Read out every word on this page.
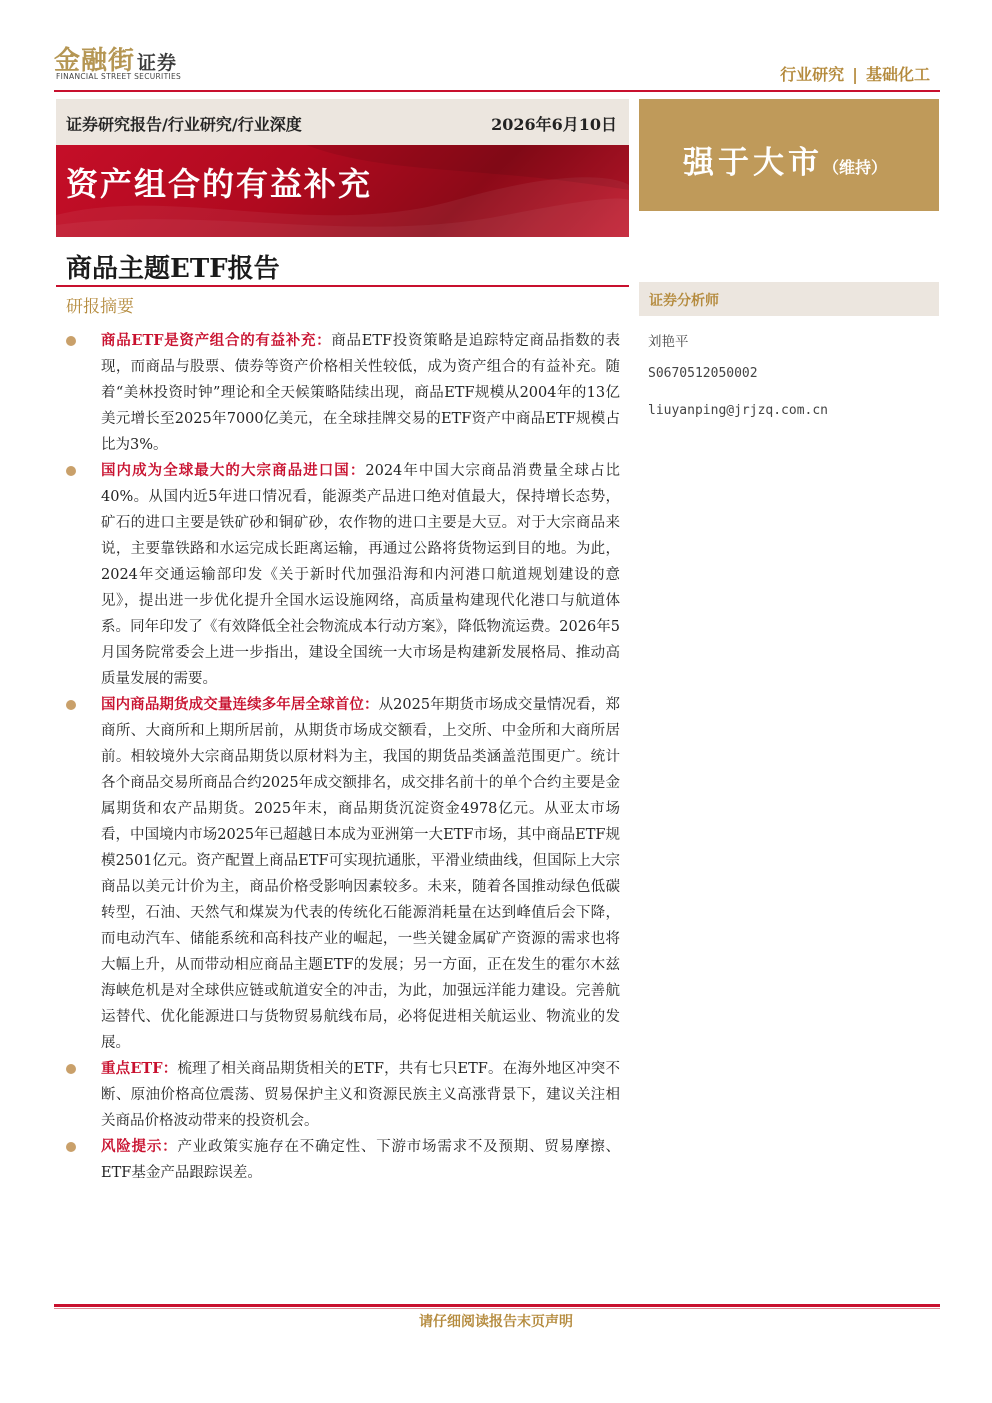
金融街 证券
FINANCIAL STREET SECURITIES	行业研究 | 基础化工
证券研究报告/行业研究/行业深度	2026年6月10日
资产组合的有益补充
强于大市（维持）
商品主题ETF报告
研报摘要
商品ETF是资产组合的有益补充：商品ETF投资策略是追踪特定商品指数的表现，而商品与股票、债券等资产价格相关性较低，成为资产组合的有益补充。随着“美林投资时钟”理论和全天候策略陆续出现，商品ETF规模从2004年的13亿美元增长至2025年7000亿美元，在全球挂牌交易的ETF资产中商品ETF规模占比为3%。
国内成为全球最大的大宗商品进口国：2024年中国大宗商品消费量全球占比40%。从国内近5年进口情况看，能源类产品进口绝对值最大，保持增长态势，矿石的进口主要是铁矿砂和铜矿砂，农作物的进口主要是大豆。对于大宗商品来说，主要靠铁路和水运完成长距离运输，再通过公路将货物运到目的地。为此，2024年交通运输部印发《关于新时代加强沿海和内河港口航道规划建设的意见》，提出进一步优化提升全国水运设施网络，高质量构建现代化港口与航道体系。同年印发了《有效降低全社会物流成本行动方案》，降低物流运费。2026年5月国务院常委会上进一步指出，建设全国统一大市场是构建新发展格局、推动高质量发展的需要。
国内商品期货成交量连续多年居全球首位：从2025年期货市场成交量情况看，郑商所、大商所和上期所居前，从期货市场成交额看，上交所、中金所和大商所居前。相较境外大宗商品期货以原材料为主，我国的期货品类涵盖范围更广。统计各个商品交易所商品合约2025年成交额排名，成交排名前十的单个合约主要是金属期货和农产品期货。2025年末，商品期货沉淀资金4978亿元。从亚太市场看，中国境内市场2025年已超越日本成为亚洲第一大ETF市场，其中商品ETF规模2501亿元。资产配置上商品ETF可实现抗通胀，平滑业绩曲线，但国际上大宗商品以美元计价为主，商品价格受影响因素较多。未来，随着各国推动绿色低碳转型，石油、天然气和煤炭为代表的传统化石能源消耗量在达到峰值后会下降，而电动汽车、储能系统和高科技产业的崛起，一些关键金属矿产资源的需求也将大幅上升，从而带动相应商品主题ETF的发展；另一方面，正在发生的霍尔木兹海峡危机是对全球供应链或航道安全的冲击，为此，加强远洋能力建设。完善航运替代、优化能源进口与货物贸易航线布局，必将促进相关航运业、物流业的发展。
重点ETF：梳理了相关商品期货相关的ETF，共有七只ETF。在海外地区冲突不断、原油价格高位震荡、贸易保护主义和资源民族主义高涨背景下，建议关注相关商品价格波动带来的投资机会。
风险提示：产业政策实施存在不确定性、下游市场需求不及预期、贸易摩擦、ETF基金产品跟踪误差。
证券分析师
刘艳平
S0670512050002
liuyanping@jrjzq.com.cn
请仔细阅读报告末页声明
